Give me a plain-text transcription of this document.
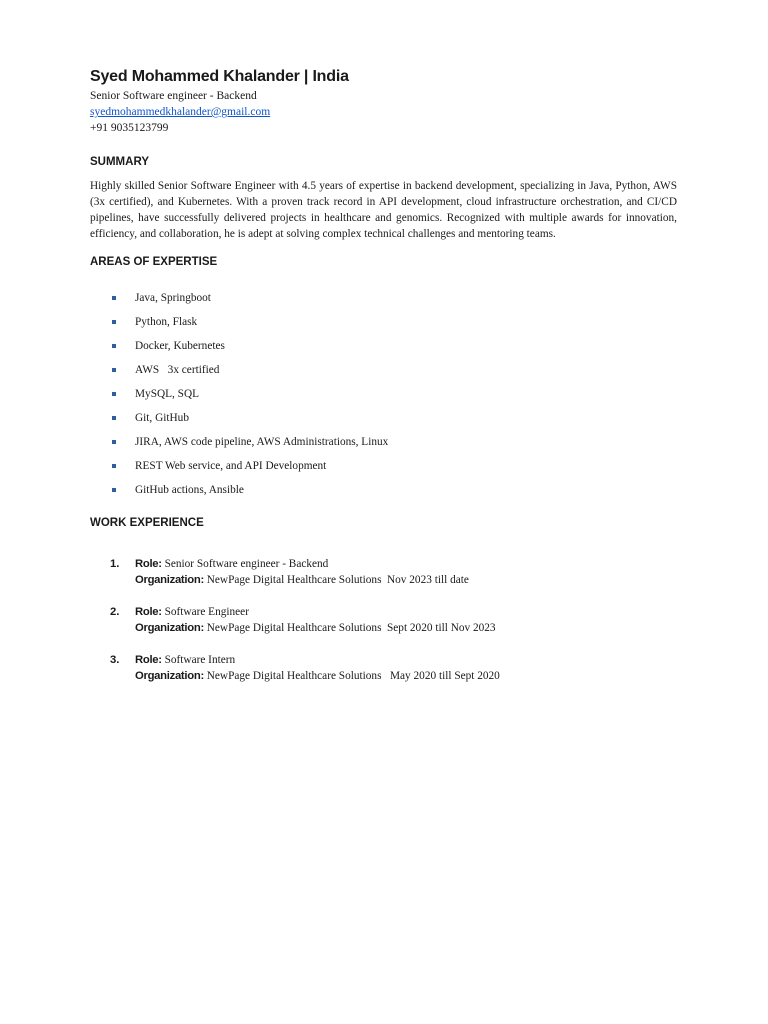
Syed Mohammed Khalander | India

Senior Software engineer - Backend

syedmohammedkhalander@gmail.com

+91 9035123799

SUMMARY

Highly skilled Senior Software Engineer with 4.5 years of expertise in backend development, specializing in Java, Python, AWS (3x certified), and Kubernetes. With a proven track record in API development, cloud infrastructure orchestration, and CI/CD pipelines, have successfully delivered projects in healthcare and genomics. Recognized with multiple awards for innovation, efficiency, and collaboration, he is adept at solving complex technical challenges and mentoring teams.

AREAS OF EXPERTISE

Java, Springboot
Python, Flask
Docker, Kubernetes
AWS   3x certified
MySQL, SQL
Git, GitHub
JIRA, AWS code pipeline, AWS Administrations, Linux
REST Web service, and API Development
GitHub actions, Ansible

WORK EXPERIENCE

1.	Role: Senior Software engineer - Backend
Organization: NewPage Digital Healthcare Solutions Nov 2023 till date
2.	Role: Software Engineer
Organization: NewPage Digital Healthcare Solutions Sept 2020 till Nov 2023
3.	Role: Software Intern
Organization: NewPage Digital Healthcare Solutions May 2020 till Sept 2020
